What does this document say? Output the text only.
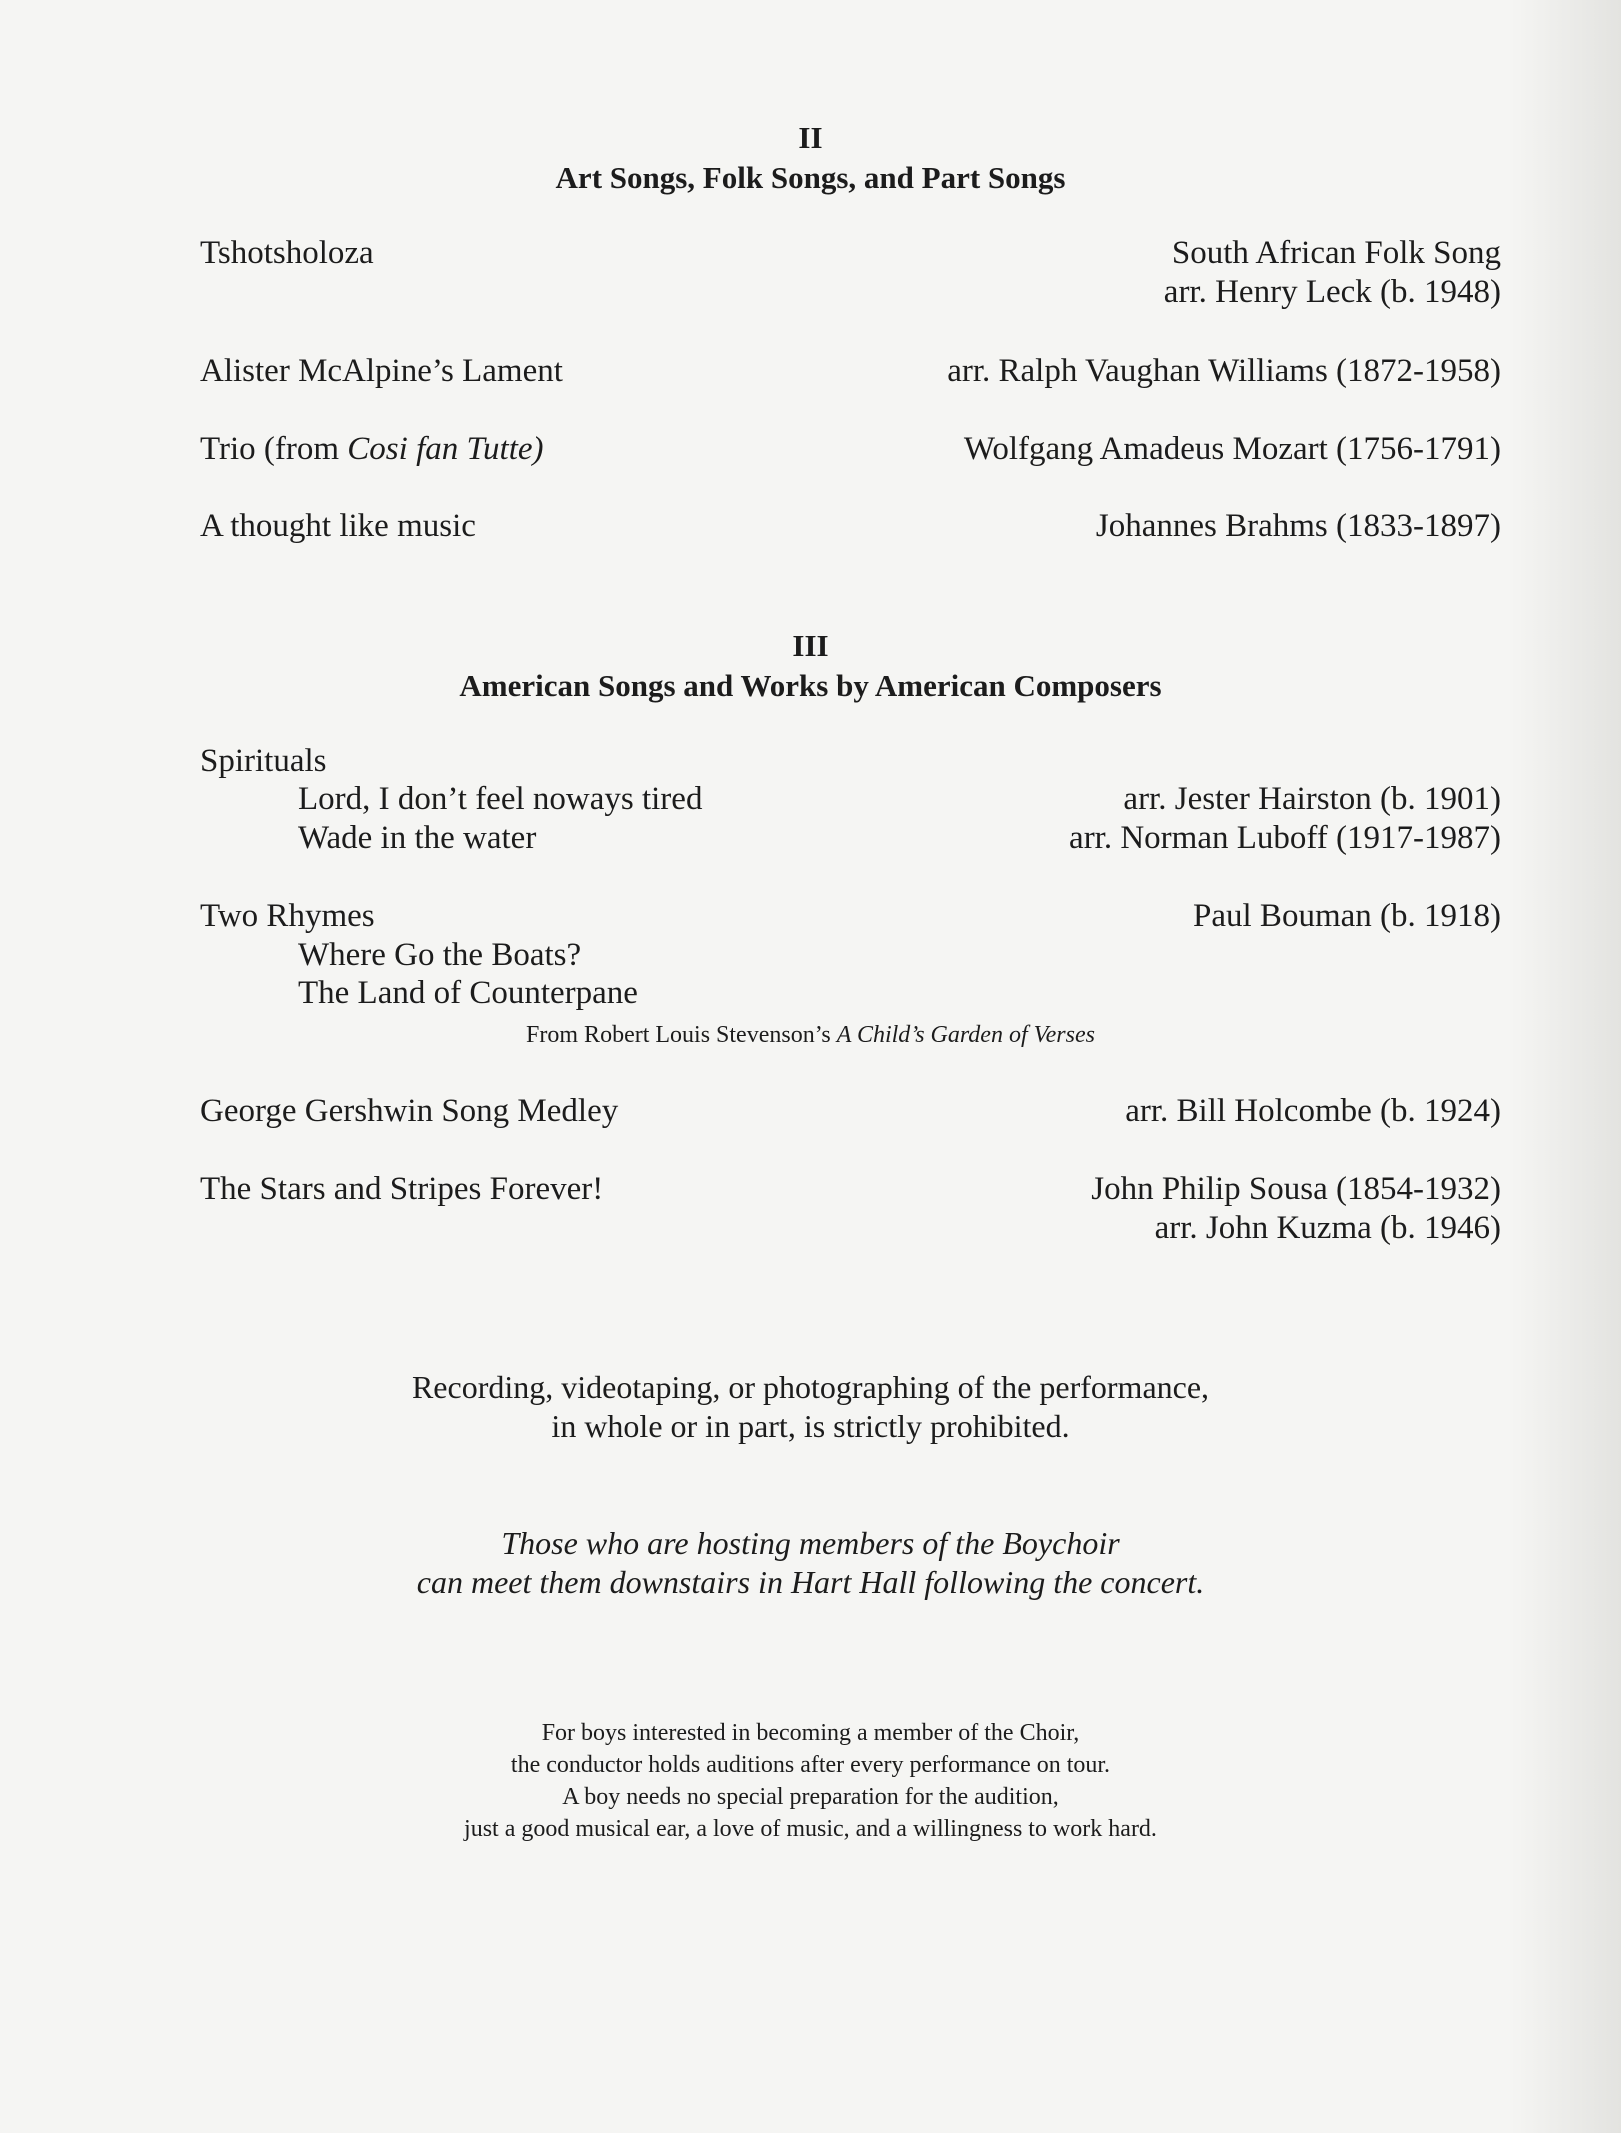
II
Art Songs, Folk Songs, and Part Songs
Tshotsholoza	South African Folk Song
arr. Henry Leck (b. 1948)
Alister McAlpine’s Lament	arr. Ralph Vaughan Williams (1872-1958)
Trio (from Cosi fan Tutte)	Wolfgang Amadeus Mozart (1756-1791)
A thought like music	Johannes Brahms (1833-1897)
III
American Songs and Works by American Composers
Spirituals
Lord, I don’t feel noways tired	arr. Jester Hairston (b. 1901)
Wade in the water	arr. Norman Luboff (1917-1987)
Two Rhymes	Paul Bouman (b. 1918)
Where Go the Boats?
The Land of Counterpane
From Robert Louis Stevenson’s A Child’s Garden of Verses
George Gershwin Song Medley	arr. Bill Holcombe (b. 1924)
The Stars and Stripes Forever!	John Philip Sousa (1854-1932)
arr. John Kuzma (b. 1946)
Recording, videotaping, or photographing of the performance,
in whole or in part, is strictly prohibited.
Those who are hosting members of the Boychoir
can meet them downstairs in Hart Hall following the concert.
For boys interested in becoming a member of the Choir,
the conductor holds auditions after every performance on tour.
A boy needs no special preparation for the audition,
just a good musical ear, a love of music, and a willingness to work hard.
